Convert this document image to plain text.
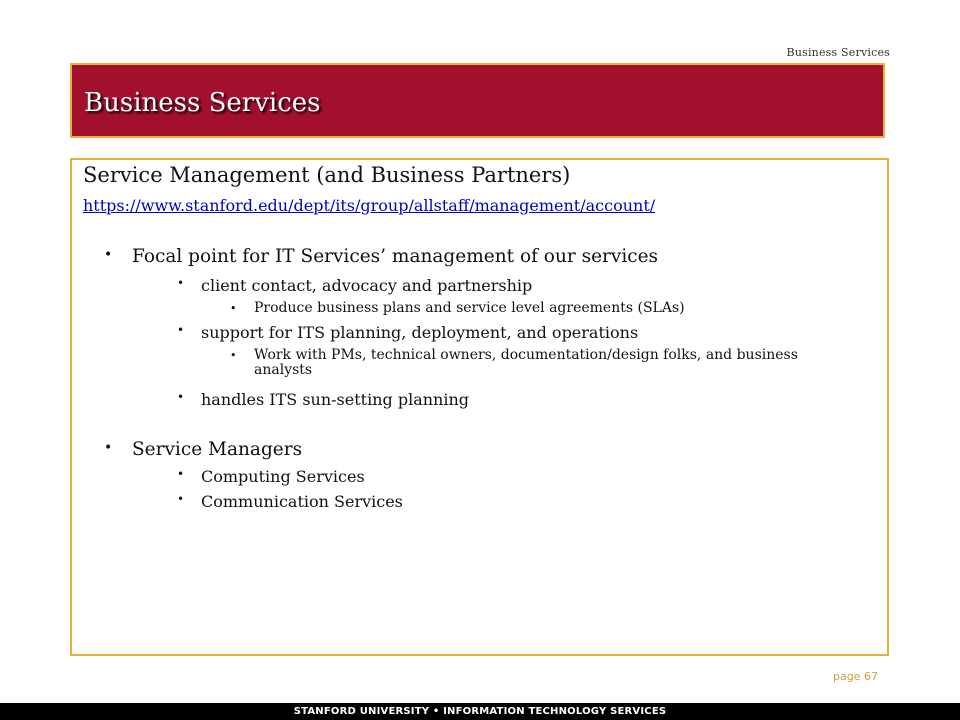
Business Services
Business Services
Service Management (and Business Partners)
https://www.stanford.edu/dept/its/group/allstaff/management/account/
• Focal point for IT Services’ management of our services
• client contact, advocacy and partnership
• Produce business plans and service level agreements (SLAs)
• support for ITS planning, deployment, and operations
• Work with PMs, technical owners, documentation/design folks, and business analysts
• handles ITS sun-setting planning
• Service Managers
• Computing Services
• Communication Services
page 67
STANFORD UNIVERSITY • INFORMATION TECHNOLOGY SERVICES
